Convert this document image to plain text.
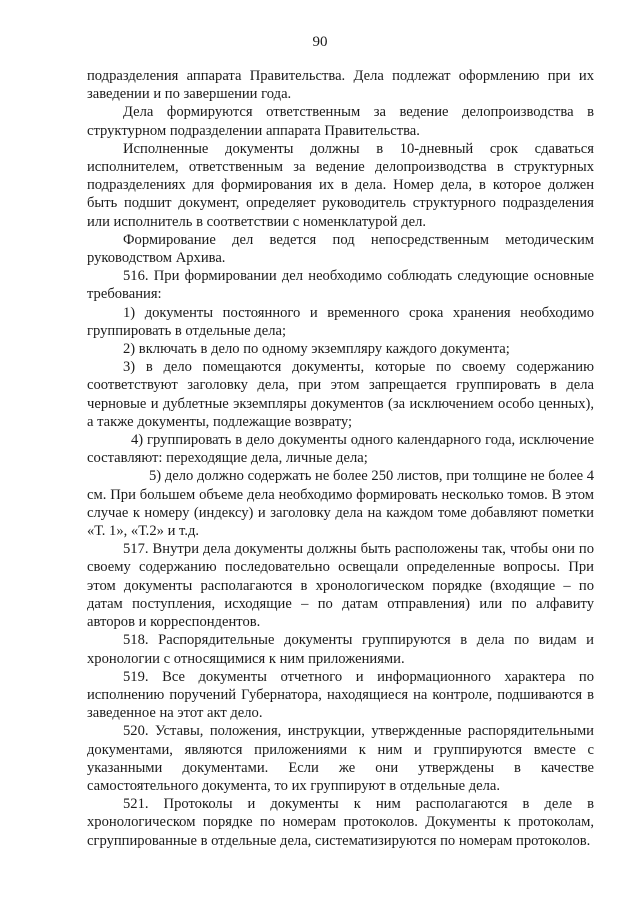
90

подразделения аппарата Правительства. Дела подлежат оформлению при их заведении и по завершении года.

Дела формируются ответственным за ведение делопроизводства в структурном подразделении аппарата Правительства.

Исполненные документы должны в 10-дневный срок сдаваться исполнителем, ответственным за ведение делопроизводства в структурных подразделениях для формирования их в дела. Номер дела, в которое должен быть подшит документ, определяет руководитель структурного подразделения или исполнитель в соответствии с номенклатурой дел.

Формирование дел ведется под непосредственным методическим руководством Архива.

516. При формировании дел необходимо соблюдать следующие основные требования:

1) документы постоянного и временного срока хранения необходимо группировать в отдельные дела;

2) включать в дело по одному экземпляру каждого документа;

3) в дело помещаются документы, которые по своему содержанию соответствуют заголовку дела, при этом запрещается группировать в дела черновые и дублетные экземпляры документов (за исключением особо ценных), а также документы, подлежащие возврату;

4) группировать в дело документы одного календарного года, исключение составляют: переходящие дела, личные дела;

5) дело должно содержать не более 250 листов, при толщине не более 4 см. При большем объеме дела необходимо формировать несколько томов. В этом случае к номеру (индексу) и заголовку дела на каждом томе добавляют пометки «Т. 1», «Т.2» и т.д.

517. Внутри дела документы должны быть расположены так, чтобы они по своему содержанию последовательно освещали определенные вопросы. При этом документы располагаются в хронологическом порядке (входящие – по датам поступления, исходящие – по датам отправления) или по алфавиту авторов и корреспондентов.

518. Распорядительные документы группируются в дела по видам и хронологии с относящимися к ним приложениями.

519. Все документы отчетного и информационного характера по исполнению поручений Губернатора, находящиеся на контроле, подшиваются в заведенное на этот акт дело.

520. Уставы, положения, инструкции, утвержденные распорядительными документами, являются приложениями к ним и группируются вместе с указанными документами. Если же они утверждены в качестве самостоятельного документа, то их группируют в отдельные дела.

521. Протоколы и документы к ним располагаются в деле в хронологическом порядке по номерам протоколов. Документы к протоколам, сгруппированные в отдельные дела, систематизируются по номерам протоколов.
